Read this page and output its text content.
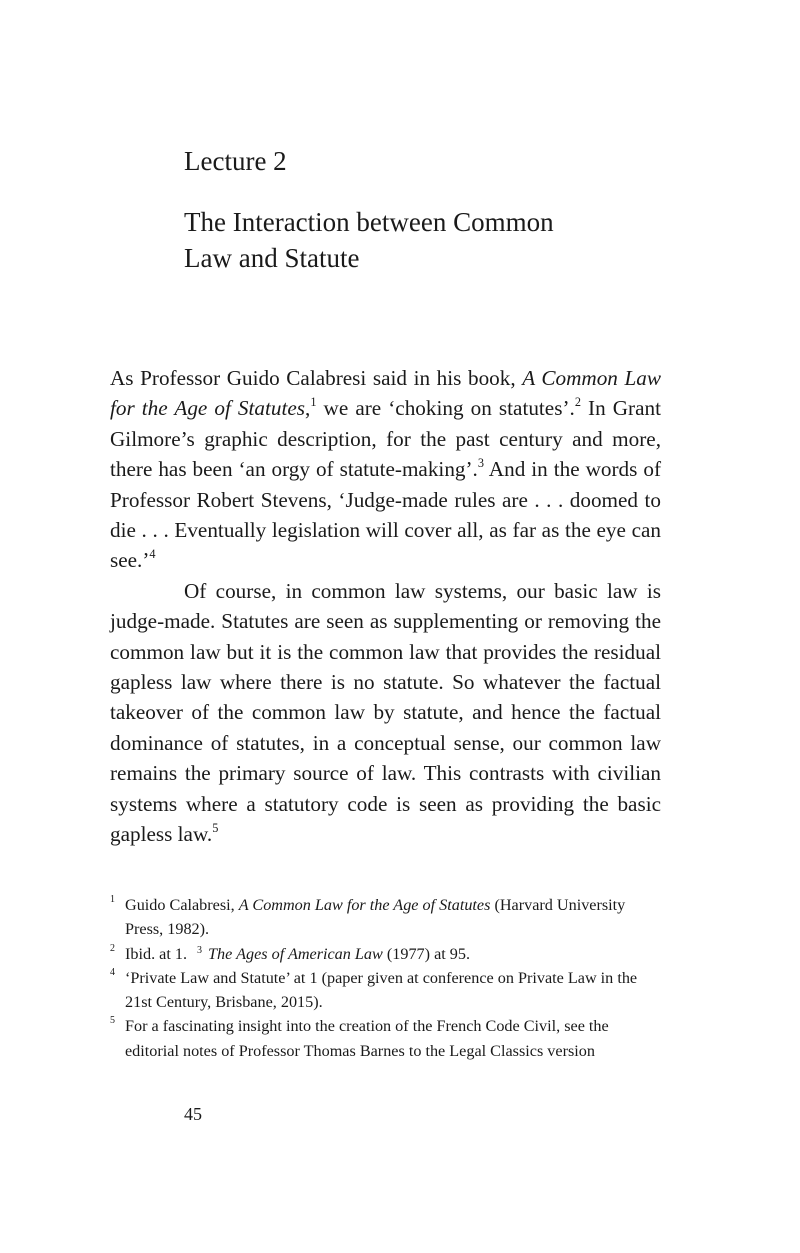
Lecture 2
The Interaction between Common
Law and Statute

As Professor Guido Calabresi said in his book, A Common Law for the Age of Statutes,$^1$ we are ‘choking on statutes’.$^2$ In Grant Gilmore’s graphic description, for the past century and more, there has been ‘an orgy of statute-making’.$^3$ And in the words of Professor Robert Stevens, ‘Judge-made rules are . . . doomed to die . . . Eventually legislation will cover all, as far as the eye can see.’$^4$

Of course, in common law systems, our basic law is judge-made. Statutes are seen as supplementing or removing the common law but it is the common law that provides the residual gapless law where there is no statute. So whatever the factual takeover of the common law by statute, and hence the factual dominance of statutes, in a conceptual sense, our common law remains the primary source of law. This contrasts with civilian systems where a statutory code is seen as providing the basic gapless law.$^5$

1 Guido Calabresi, A Common Law for the Age of Statutes (Harvard University Press, 1982).
2 Ibid. at 1. $^3$ The Ages of American Law (1977) at 95.
4 ‘Private Law and Statute’ at 1 (paper given at conference on Private Law in the 21st Century, Brisbane, 2015).
5 For a fascinating insight into the creation of the French Code Civil, see the editorial notes of Professor Thomas Barnes to the Legal Classics version
45
